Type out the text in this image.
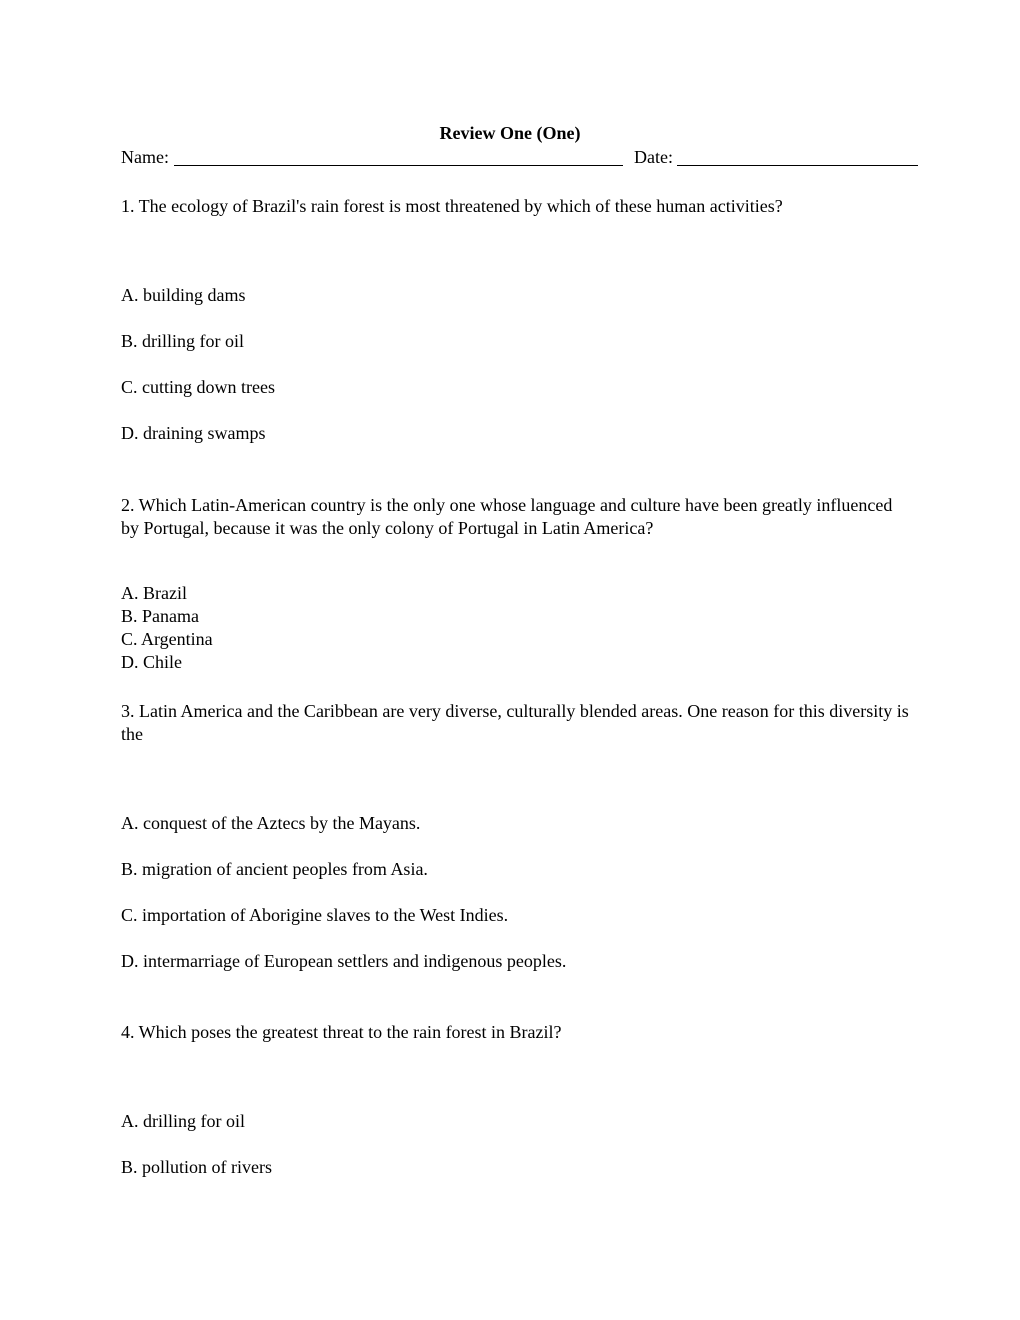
Review One (One)
Name:	Date:
1. The ecology of Brazil's rain forest is most threatened by which of these human activities?
A. building dams
B. drilling for oil
C. cutting down trees
D. draining swamps
2. Which Latin-American country is the only one whose language and culture have been greatly influenced by Portugal, because it was the only colony of Portugal in Latin America?
A. Brazil
B. Panama
C. Argentina
D. Chile
3. Latin America and the Caribbean are very diverse, culturally blended areas. One reason for this diversity is the
A. conquest of the Aztecs by the Mayans.
B. migration of ancient peoples from Asia.
C. importation of Aborigine slaves to the West Indies.
D. intermarriage of European settlers and indigenous peoples.
4. Which poses the greatest threat to the rain forest in Brazil?
A. drilling for oil
B. pollution of rivers
